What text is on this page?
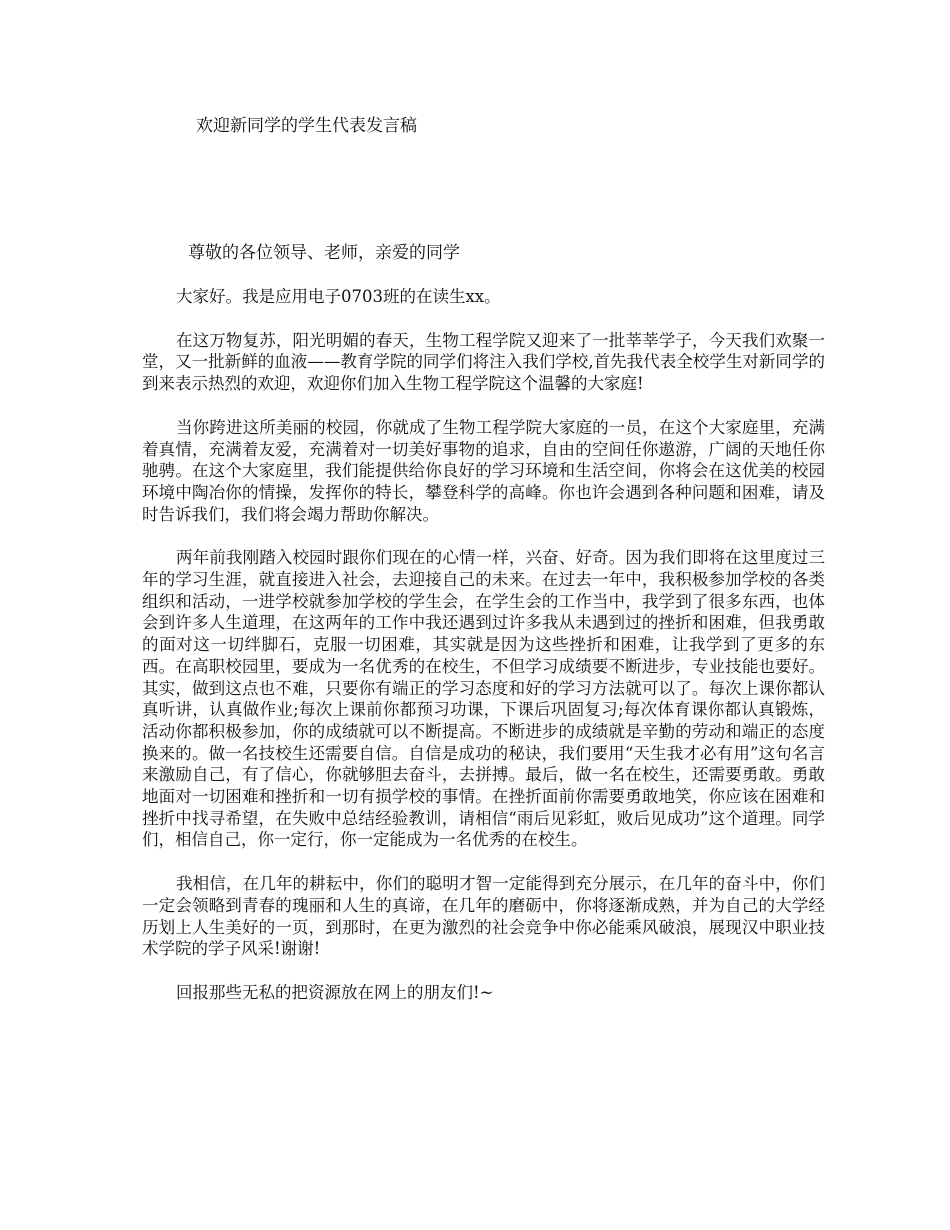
欢迎新同学的学生代表发言稿
尊敬的各位领导、老师，亲爱的同学

大家好。我是应用电子0703班的在读生xx。

在这万物复苏，阳光明媚的春天，生物工程学院又迎来了一批莘莘学子，今天我们欢聚一堂，又一批新鲜的血液——教育学院的同学们将注入我们学校,首先我代表全校学生对新同学的到来表示热烈的欢迎，欢迎你们加入生物工程学院这个温馨的大家庭!

当你跨进这所美丽的校园，你就成了生物工程学院大家庭的一员，在这个大家庭里，充满着真情，充满着友爱，充满着对一切美好事物的追求，自由的空间任你遨游，广阔的天地任你驰骋。在这个大家庭里，我们能提供给你良好的学习环境和生活空间，你将会在这优美的校园环境中陶冶你的情操，发挥你的特长，攀登科学的高峰。你也许会遇到各种问题和困难，请及时告诉我们，我们将会竭力帮助你解决。

两年前我刚踏入校园时跟你们现在的心情一样，兴奋、好奇。因为我们即将在这里度过三年的学习生涯，就直接进入社会，去迎接自己的未来。在过去一年中，我积极参加学校的各类组织和活动，一进学校就参加学校的学生会，在学生会的工作当中，我学到了很多东西，也体会到许多人生道理，在这两年的工作中我还遇到过许多我从未遇到过的挫折和困难，但我勇敢的面对这一切绊脚石，克服一切困难，其实就是因为这些挫折和困难，让我学到了更多的东西。在高职校园里，要成为一名优秀的在校生，不但学习成绩要不断进步，专业技能也要好。其实，做到这点也不难，只要你有端正的学习态度和好的学习方法就可以了。每次上课你都认真听讲，认真做作业;每次上课前你都预习功课，下课后巩固复习;每次体育课你都认真锻炼，活动你都积极参加，你的成绩就可以不断提高。不断进步的成绩就是辛勤的劳动和端正的态度换来的。做一名技校生还需要自信。自信是成功的秘诀，我们要用“天生我才必有用”这句名言来激励自己，有了信心，你就够胆去奋斗，去拼搏。最后，做一名在校生，还需要勇敢。勇敢地面对一切困难和挫折和一切有损学校的事情。在挫折面前你需要勇敢地笑，你应该在困难和挫折中找寻希望，在失败中总结经验教训，请相信“雨后见彩虹，败后见成功”这个道理。同学们，相信自己，你一定行，你一定能成为一名优秀的在校生。

我相信，在几年的耕耘中，你们的聪明才智一定能得到充分展示，在几年的奋斗中，你们一定会领略到青春的瑰丽和人生的真谛，在几年的磨砺中，你将逐渐成熟，并为自己的大学经历划上人生美好的一页，到那时，在更为激烈的社会竞争中你必能乘风破浪，展现汉中职业技术学院的学子风采!谢谢!

回报那些无私的把资源放在网上的朋友们!~
